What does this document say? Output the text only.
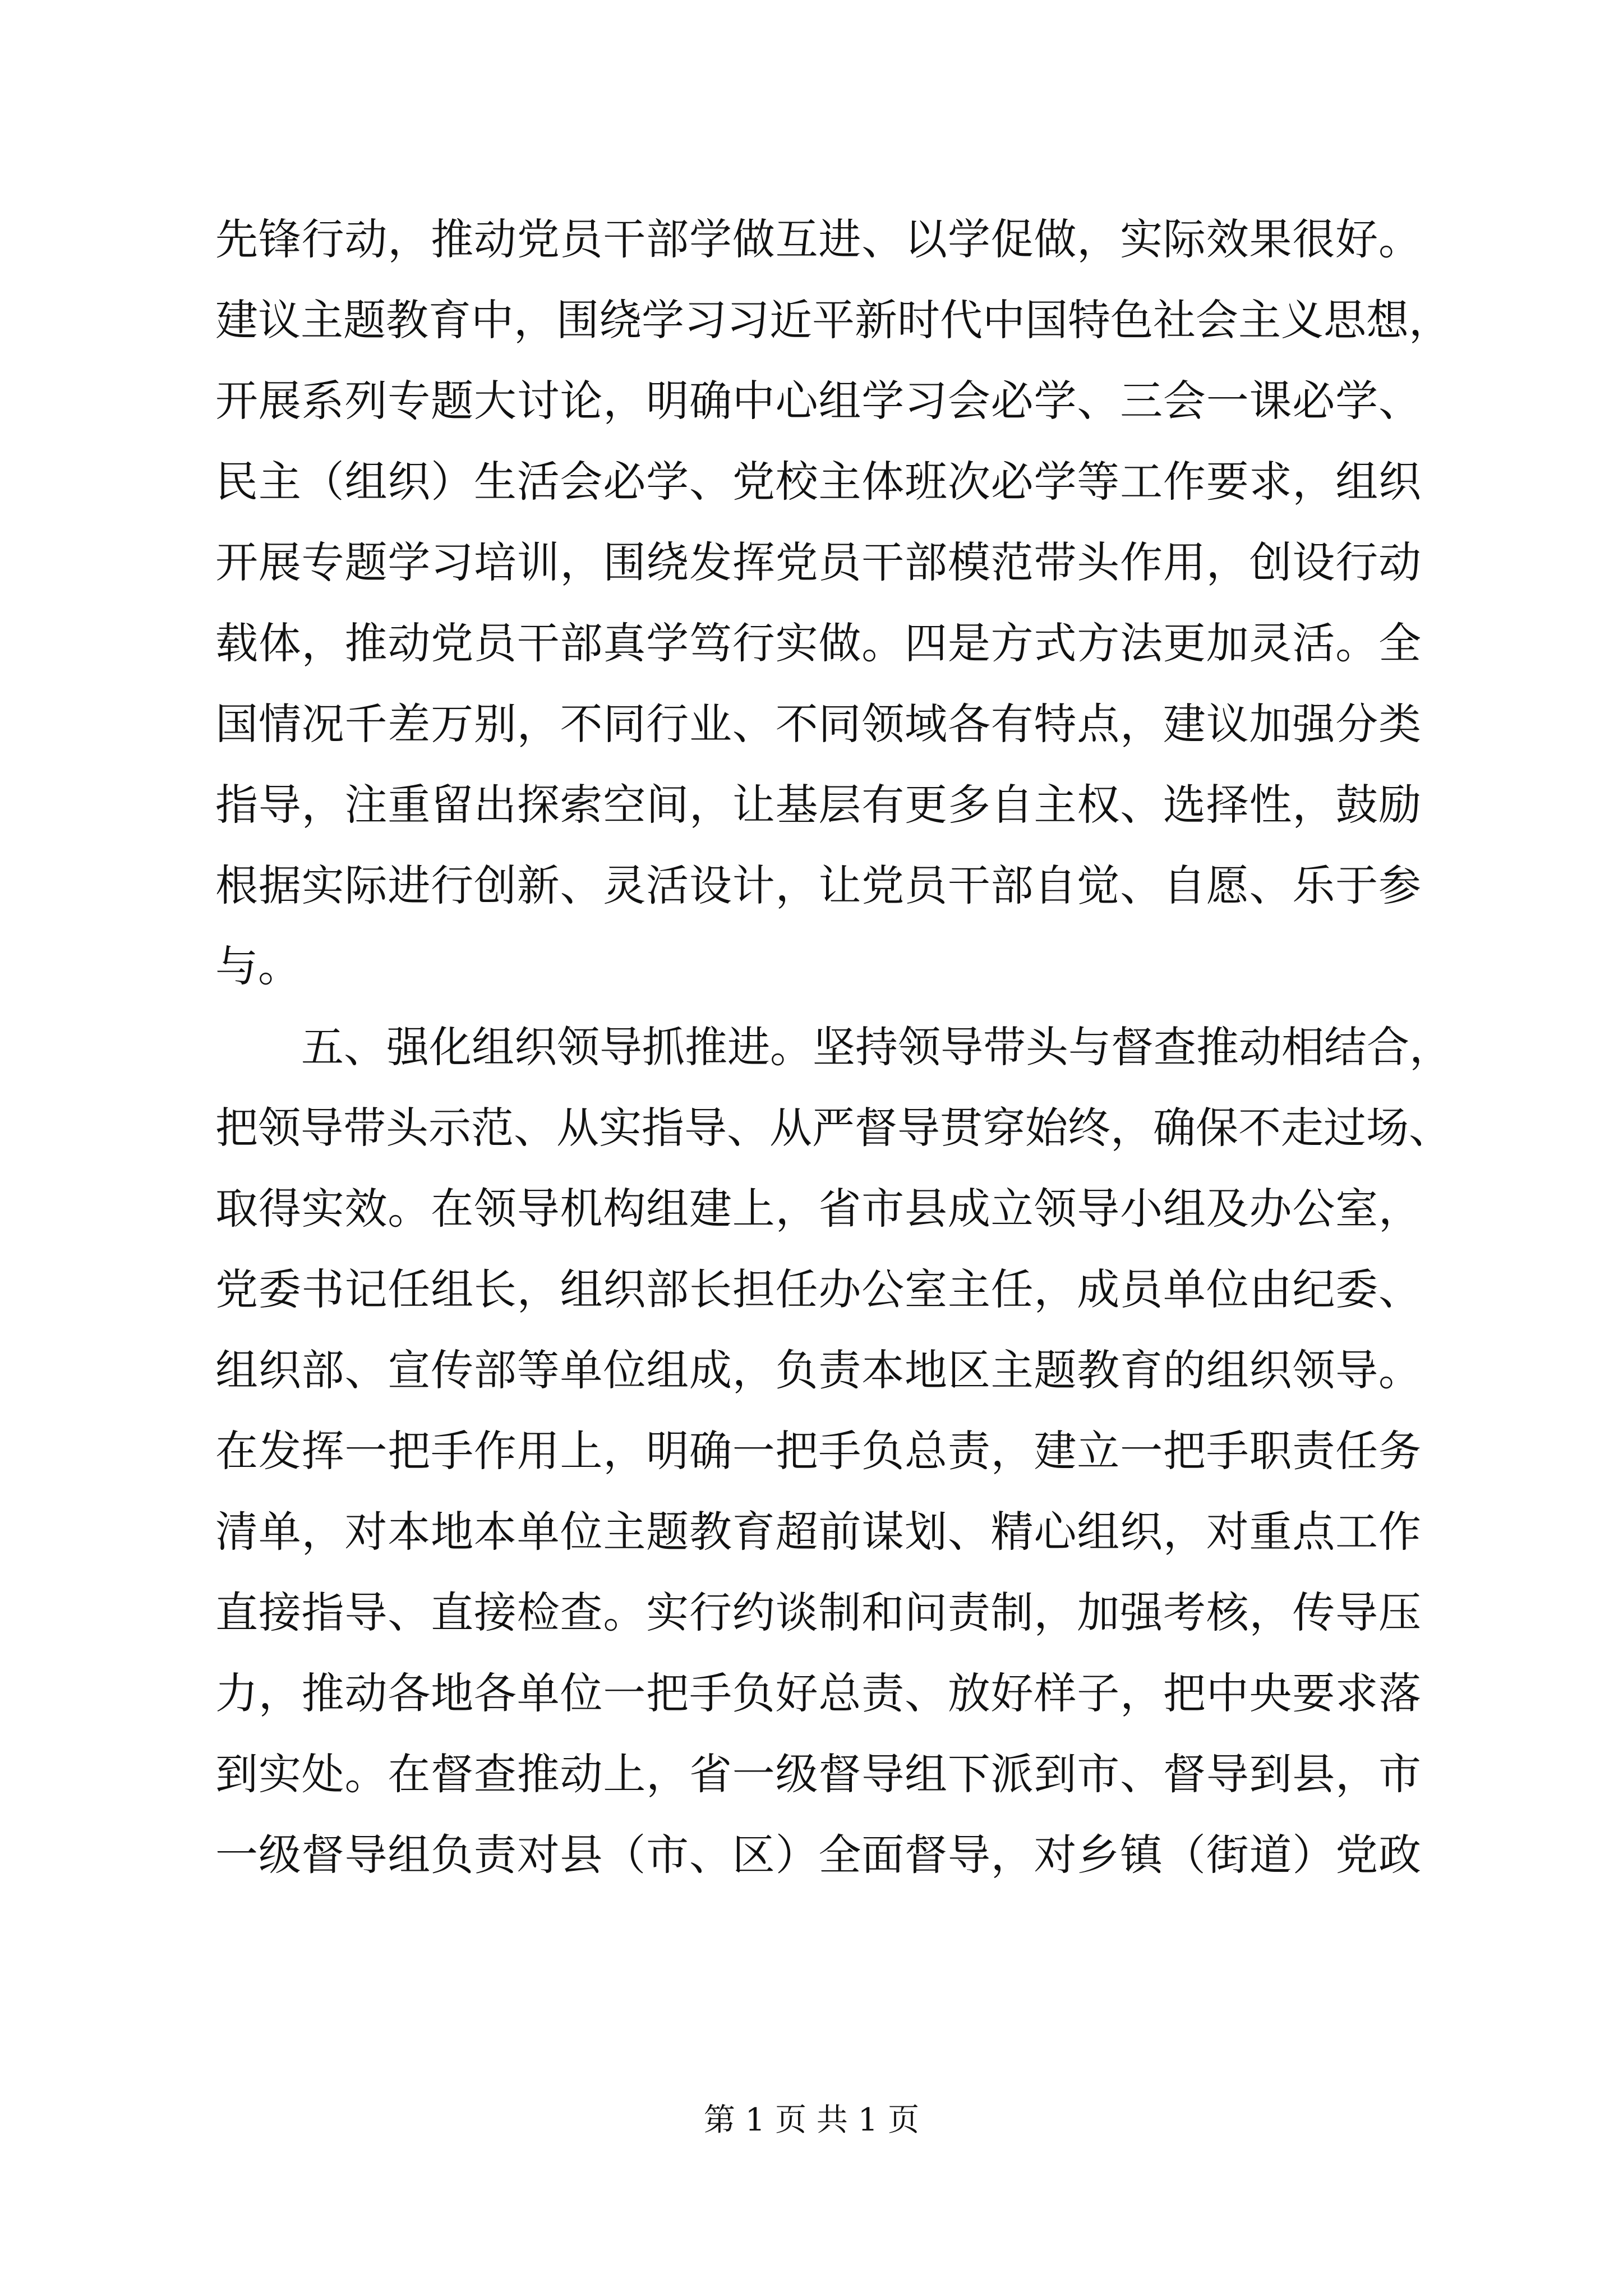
先锋行动，推动党员干部学做互进、以学促做，实际效果很好。
建议主题教育中，围绕学习习近平新时代中国特色社会主义思想，
开展系列专题大讨论，明确中心组学习会必学、三会一课必学、
民主（组织）生活会必学、党校主体班次必学等工作要求，组织
开展专题学习培训，围绕发挥党员干部模范带头作用，创设行动
载体，推动党员干部真学笃行实做。四是方式方法更加灵活。全
国情况千差万别，不同行业、不同领域各有特点，建议加强分类
指导，注重留出探索空间，让基层有更多自主权、选择性，鼓励
根据实际进行创新、灵活设计，让党员干部自觉、自愿、乐于参
与。
五、强化组织领导抓推进。坚持领导带头与督查推动相结合，
把领导带头示范、从实指导、从严督导贯穿始终，确保不走过场、
取得实效。在领导机构组建上，省市县成立领导小组及办公室，
党委书记任组长，组织部长担任办公室主任，成员单位由纪委、
组织部、宣传部等单位组成，负责本地区主题教育的组织领导。
在发挥一把手作用上，明确一把手负总责，建立一把手职责任务
清单，对本地本单位主题教育超前谋划、精心组织，对重点工作
直接指导、直接检查。实行约谈制和问责制，加强考核，传导压
力，推动各地各单位一把手负好总责、放好样子，把中央要求落
到实处。在督查推动上，省一级督导组下派到市、督导到县，市
一级督导组负责对县（市、区）全面督导，对乡镇（街道）党政
第 1 页 共 1 页
